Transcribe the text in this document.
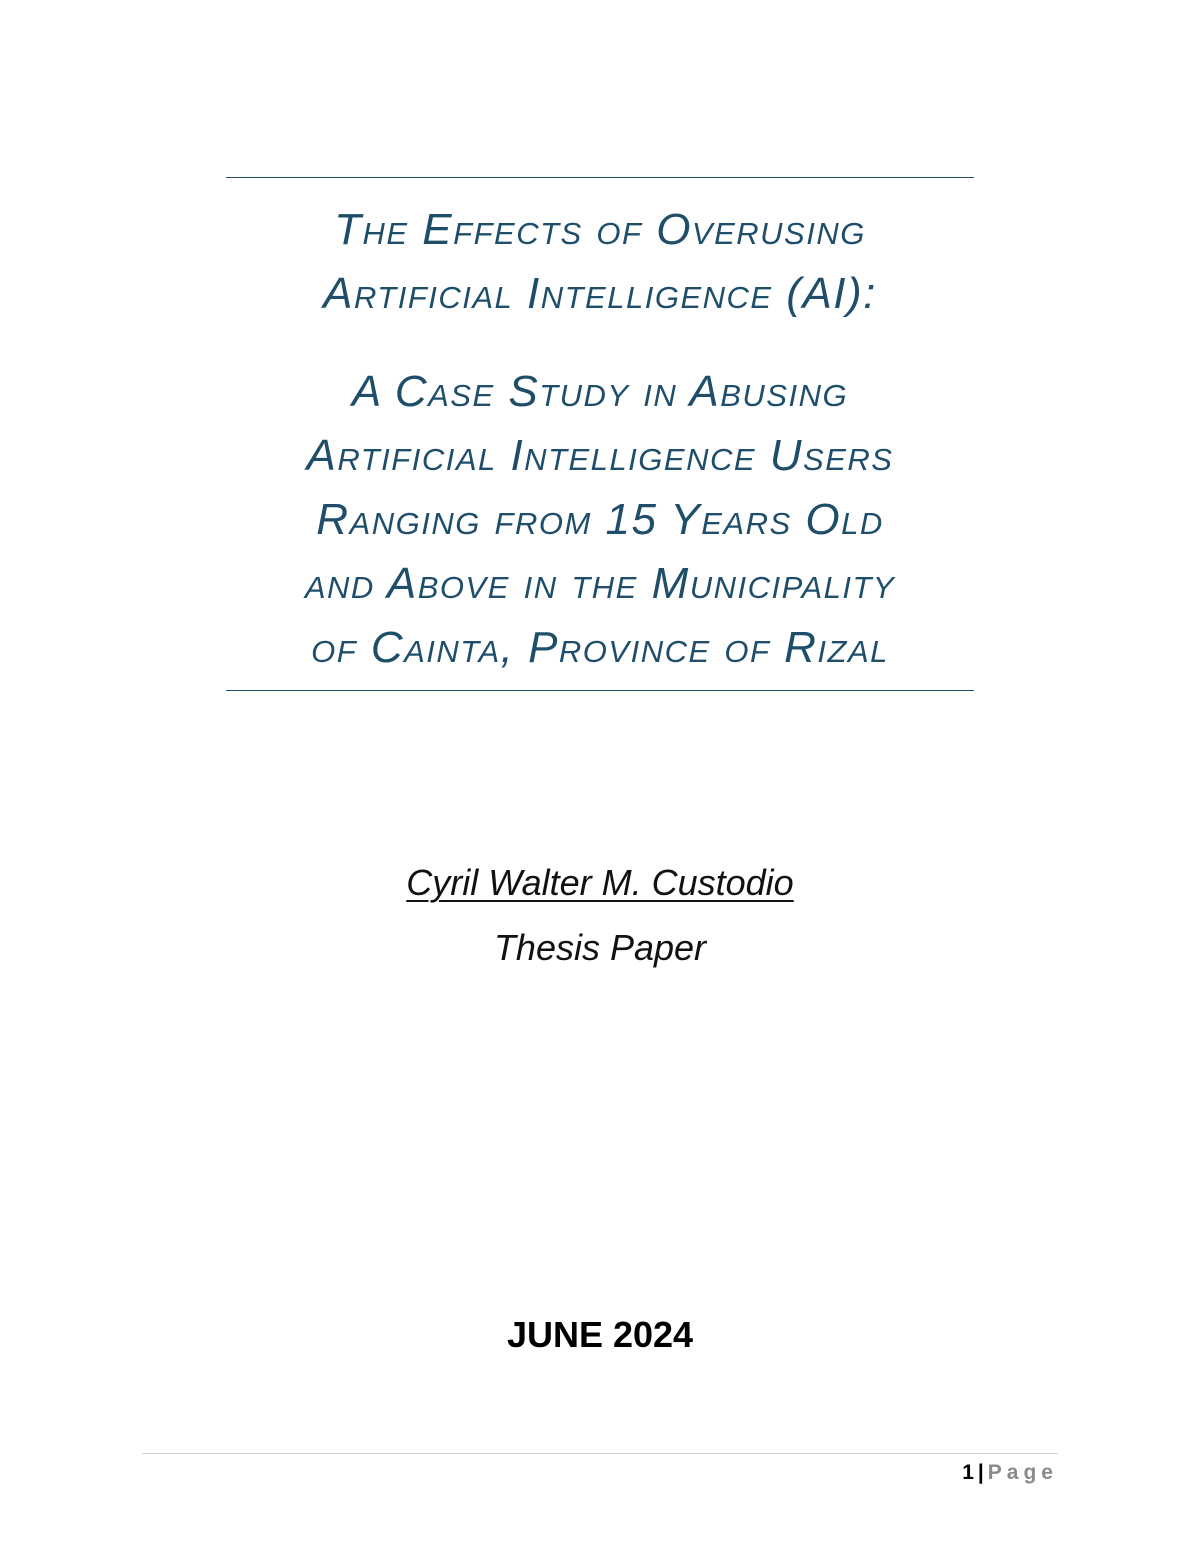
The Effects of Overusing
Artificial Intelligence (AI):
A Case Study in Abusing
Artificial Intelligence Users
Ranging from 15 Years Old
and Above in the Municipality
of Cainta, Province of Rizal
Cyril Walter M. Custodio
Thesis Paper
JUNE 2024
1 | Page
